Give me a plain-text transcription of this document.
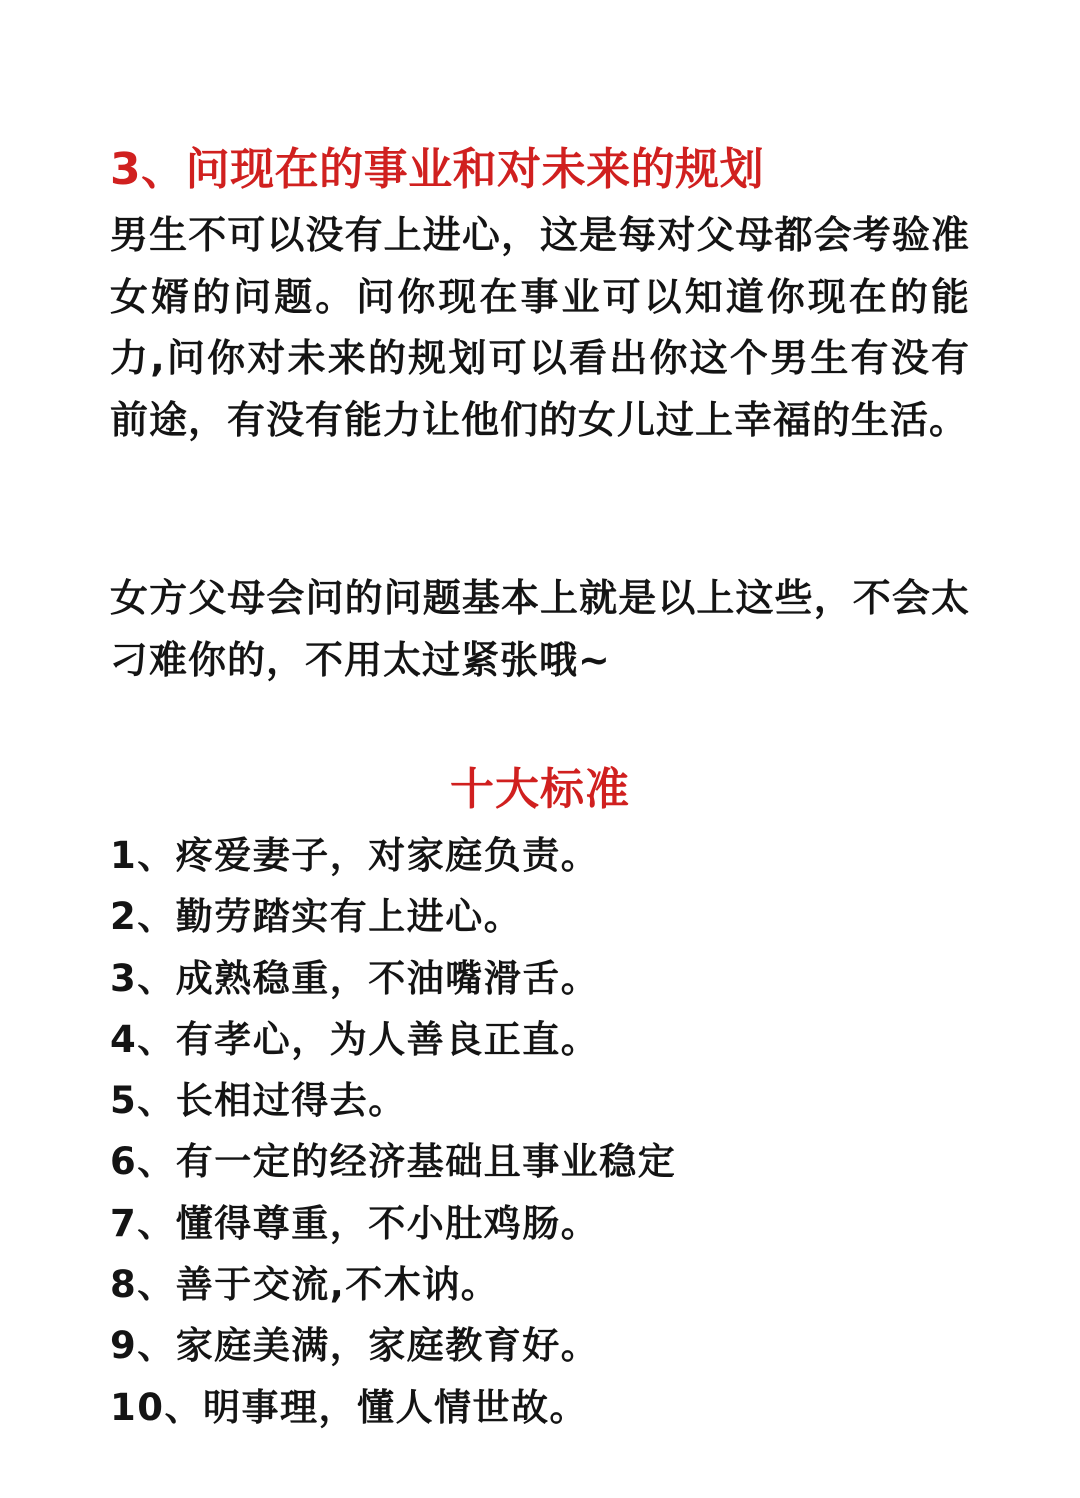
3、问现在的事业和对未来的规划

男生不可以没有上进心，这是每对父母都会考验准女婿的问题。问你现在事业可以知道你现在的能力,问你对未来的规划可以看出你这个男生有没有前途，有没有能力让他们的女儿过上幸福的生活。

女方父母会问的问题基本上就是以上这些，不会太刁难你的，不用太过紧张哦~

十大标准
1、疼爱妻子，对家庭负责。
2、勤劳踏实有上进心。
3、成熟稳重，不油嘴滑舌。
4、有孝心，为人善良正直。
5、长相过得去。
6、有一定的经济基础且事业稳定
7、懂得尊重，不小肚鸡肠。
8、善于交流,不木讷。
9、家庭美满，家庭教育好。
10、明事理，懂人情世故。
